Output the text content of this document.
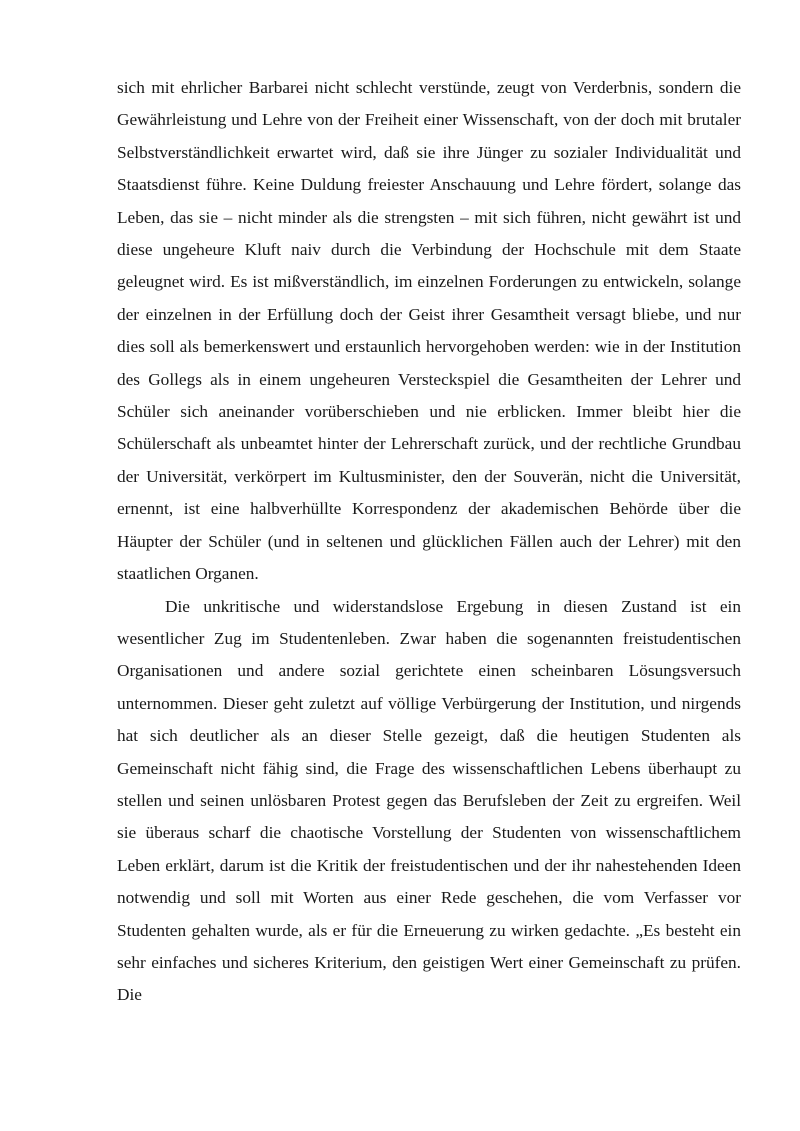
sich mit ehrlicher Barbarei nicht schlecht verstünde, zeugt von Verderbnis, sondern die Gewährleistung und Lehre von der Freiheit einer Wissenschaft, von der doch mit brutaler Selbstverständlichkeit erwartet wird, daß sie ihre Jünger zu sozialer Individualität und Staatsdienst führe. Keine Duldung freiester Anschauung und Lehre fördert, solange das Leben, das sie – nicht minder als die strengsten – mit sich führen, nicht gewährt ist und diese ungeheure Kluft naiv durch die Verbindung der Hochschule mit dem Staate geleugnet wird. Es ist mißverständlich, im einzelnen Forderungen zu entwickeln, solange der einzelnen in der Erfüllung doch der Geist ihrer Gesamtheit versagt bliebe, und nur dies soll als bemerkenswert und erstaunlich hervorgehoben werden: wie in der Institution des Gollegs als in einem ungeheuren Versteckspiel die Gesamtheiten der Lehrer und Schüler sich aneinander vorüberschieben und nie erblicken. Immer bleibt hier die Schülerschaft als unbeamtet hinter der Lehrerschaft zurück, und der rechtliche Grundbau der Universität, verkörpert im Kultusminister, den der Souverän, nicht die Universität, ernennt, ist eine halbverhüllte Korrespondenz der akademischen Behörde über die Häupter der Schüler (und in seltenen und glücklichen Fällen auch der Lehrer) mit den staatlichen Organen.

Die unkritische und widerstandslose Ergebung in diesen Zustand ist ein wesentlicher Zug im Studentenleben. Zwar haben die sogenannten freistudentischen Organisationen und andere sozial gerichtete einen scheinbaren Lösungsversuch unternommen. Dieser geht zuletzt auf völlige Verbürgerung der Institution, und nirgends hat sich deutlicher als an dieser Stelle gezeigt, daß die heutigen Studenten als Gemeinschaft nicht fähig sind, die Frage des wissenschaftlichen Lebens überhaupt zu stellen und seinen unlösbaren Protest gegen das Berufsleben der Zeit zu ergreifen. Weil sie überaus scharf die chaotische Vorstellung der Studenten von wissenschaftlichem Leben erklärt, darum ist die Kritik der freistudentischen und der ihr nahestehenden Ideen notwendig und soll mit Worten aus einer Rede geschehen, die vom Verfasser vor Studenten gehalten wurde, als er für die Erneuerung zu wirken gedachte. „Es besteht ein sehr einfaches und sicheres Kriterium, den geistigen Wert einer Gemeinschaft zu prüfen. Die
